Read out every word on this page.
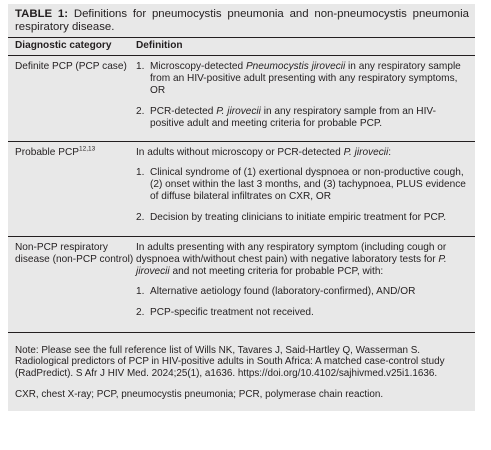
TABLE 1: Definitions for pneumocystis pneumonia and non-pneumocystis pneumonia respiratory disease.
Diagnostic category	Definition
Definite PCP (PCP case) 1. Microscopy-detected Pneumocystis jirovecii in any respiratory sample from an HIV-positive adult presenting with any respiratory symptoms, OR
2. PCR-detected P. jirovecii in any respiratory sample from an HIV-positive adult and meeting criteria for probable PCP.
Probable PCP$^{12,13}$	In adults without microscopy or PCR-detected P. jirovecii:
1. Clinical syndrome of (1) exertional dyspnoea or non-productive cough, (2) onset within the last 3 months, and (3) tachypnoea, PLUS evidence of diffuse bilateral infiltrates on CXR, OR
2. Decision by treating clinicians to initiate empiric treatment for PCP.
Non-PCP respiratory disease (non-PCP control)
In adults presenting with any respiratory symptom (including cough or dyspnoea with/without chest pain) with negative laboratory tests for P. jirovecii and not meeting criteria for probable PCP, with:
1. Alternative aetiology found (laboratory-confirmed), AND/OR
2. PCP-specific treatment not received.
Note: Please see the full reference list of Wills NK, Tavares J, Said-Hartley Q, Wasserman S. Radiological predictors of PCP in HIV-positive adults in South Africa: A matched case-control study (RadPredict). S Afr J HIV Med. 2024;25(1), a1636. https://doi.org/10.4102/sajhivmed.v25i1.1636.
CXR, chest X-ray; PCP, pneumocystis pneumonia; PCR, polymerase chain reaction.
